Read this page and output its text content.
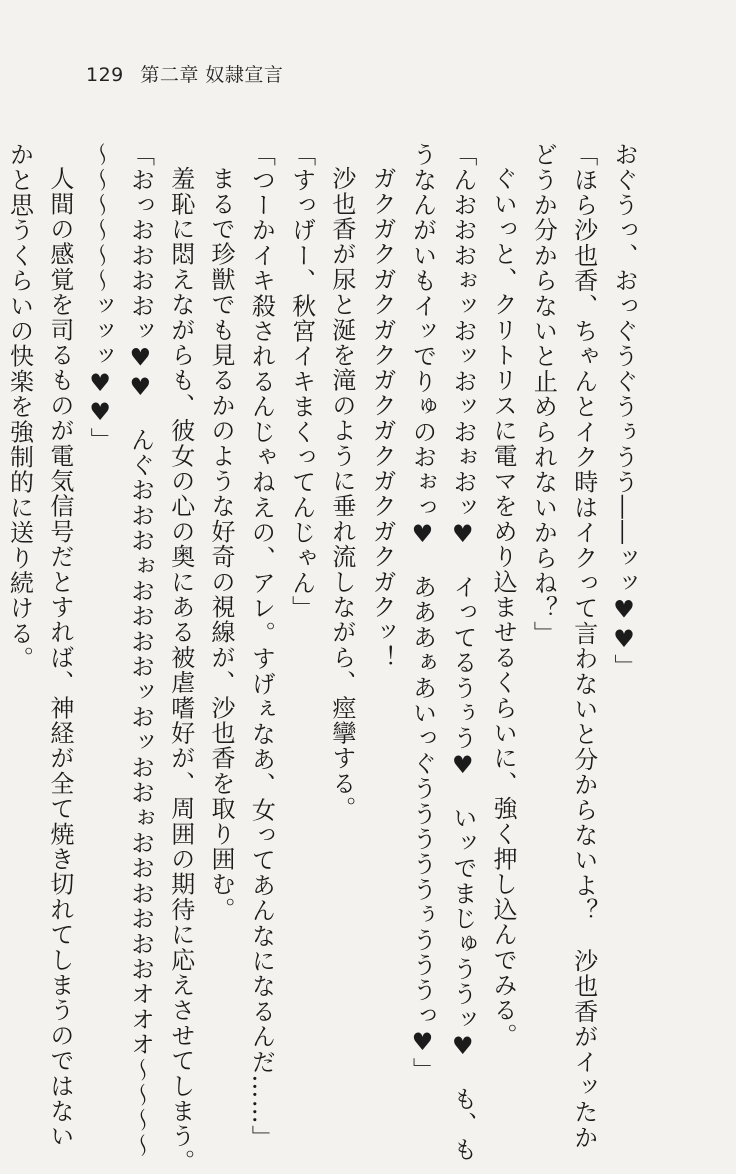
129 第二章 奴隷宣言
おぐうっ、おっぐうぐうぅうう――ッッ♥♥」
「ほら沙也香、ちゃんとイク時はイクって言わないと分からないよ？　沙也香がイッたか
どうか分からないと止められないからね？」
ぐいっと、クリトリスに電マをめり込ませるくらいに、強く押し込んでみる。
「んおおおぉッおッおッおぉおッ♥　イってるうぅう♥　いッでまじゅううッ♥　も、も
うなんがいもイッでりゅのおぉっ♥　あああぁあいっぐうううううぅうううっ♥」
ガクガクガクガクガクガクガクガクガクッ！
沙也香が尿と涎を滝のように垂れ流しながら、痙攣する。
「すっげー、秋宮イキまくってんじゃん」
「つーかイキ殺されるんじゃねえの、アレ。すげぇなあ、女ってあんなになるんだ……」
まるで珍獣でも見るかのような好奇の視線が、沙也香を取り囲む。
羞恥に悶えながらも、彼女の心の奥にある被虐嗜好が、周囲の期待に応えさせてしまう。
「おっおおおおッ♥♥　んぐおおおぉおおおおッおッおおぉおおおおおおオオオ～～～～
～～～～～～ッッッ♥♥」
人間の感覚を司るものが電気信号だとすれば、神経が全て焼き切れてしまうのではない
かと思うくらいの快楽を強制的に送り続ける。
